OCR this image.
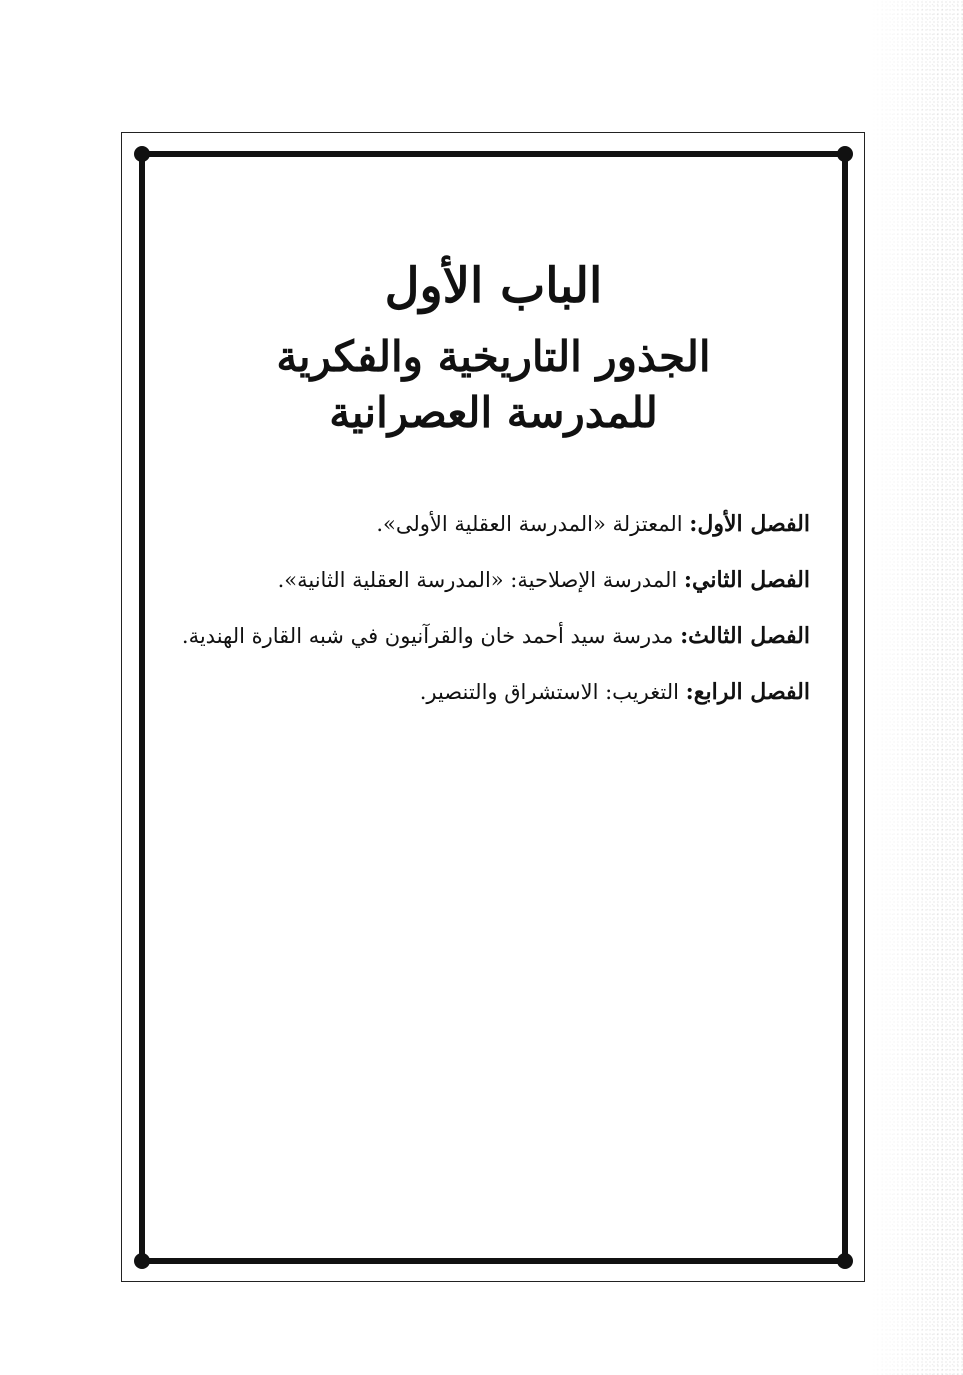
الباب الأول
الجذور التاريخية والفكرية
للمدرسة العصرانية
الفصل الأول: المعتزلة «المدرسة العقلية الأولى».
الفصل الثاني: المدرسة الإصلاحية: «المدرسة العقلية الثانية».
الفصل الثالث: مدرسة سيد أحمد خان والقرآنيون في شبه القارة الهندية.
الفصل الرابع: التغريب: الاستشراق والتنصير.
